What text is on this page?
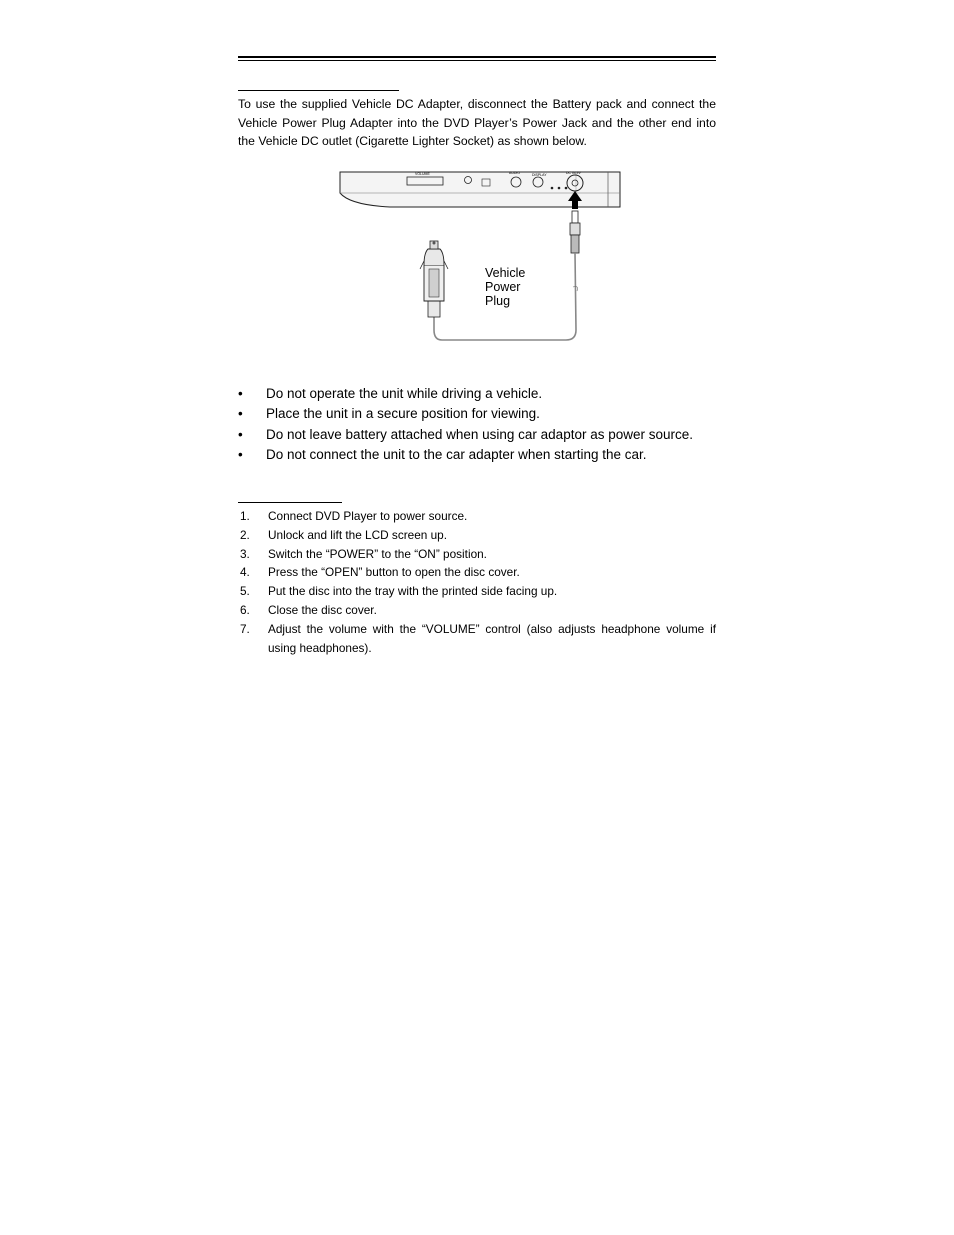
To use the supplied Vehicle DC Adapter, disconnect the Battery pack and connect the Vehicle Power Plug Adapter into the DVD Player’s Power Jack and the other end into the Vehicle DC outlet (Cigarette Lighter Socket) as shown below.

VOLUME	AUDIO	DISPLAY	DC IN 9V
Vehicle
Power
Plug
• Do not operate the unit while driving a vehicle.
• Place the unit in a secure position for viewing.
• Do not leave battery attached when using car adaptor as power source.
• Do not connect the unit to the car adapter when starting the car.
1. Connect DVD Player to power source.
2. Unlock and lift the LCD screen up.
3. Switch the “POWER” to the “ON” position.
4. Press the “OPEN” button to open the disc cover.
5. Put the disc into the tray with the printed side facing up.
6. Close the disc cover.
7. Adjust the volume with the “VOLUME” control (also adjusts headphone volume if using headphones).
